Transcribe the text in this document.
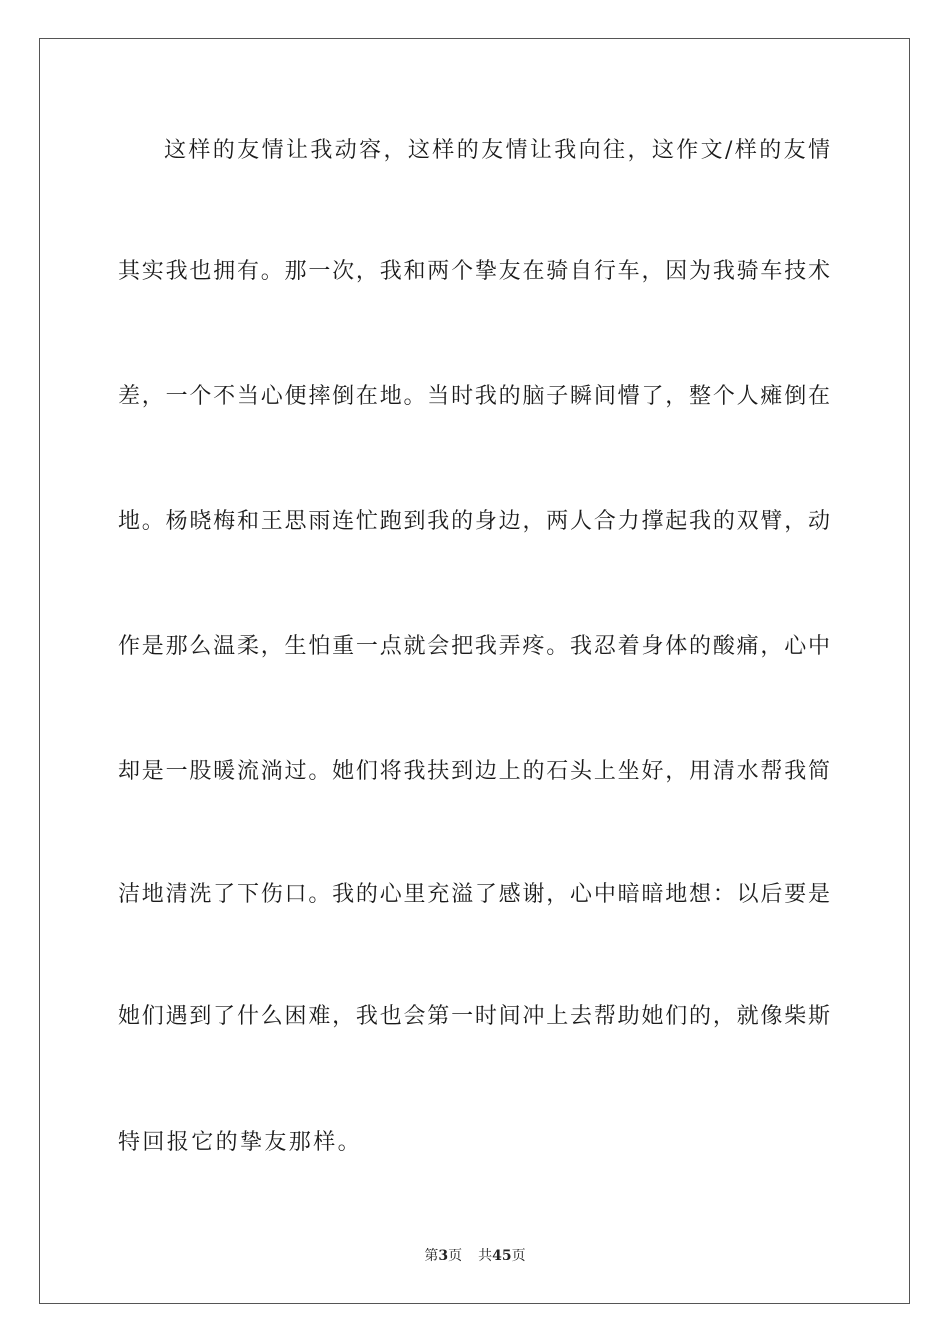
这样的友情让我动容，这样的友情让我向往，这作文/样的友情
其实我也拥有。那一次，我和两个挚友在骑自行车，因为我骑车技术
差，一个不当心便摔倒在地。当时我的脑子瞬间懵了，整个人瘫倒在
地。杨晓梅和王思雨连忙跑到我的身边，两人合力撑起我的双臂，动
作是那么温柔，生怕重一点就会把我弄疼。我忍着身体的酸痛，心中
却是一股暖流淌过。她们将我扶到边上的石头上坐好，用清水帮我简
洁地清洗了下伤口。我的心里充溢了感谢，心中暗暗地想：以后要是
她们遇到了什么困难，我也会第一时间冲上去帮助她们的，就像柴斯
特回报它的挚友那样。
第3页 共45页
